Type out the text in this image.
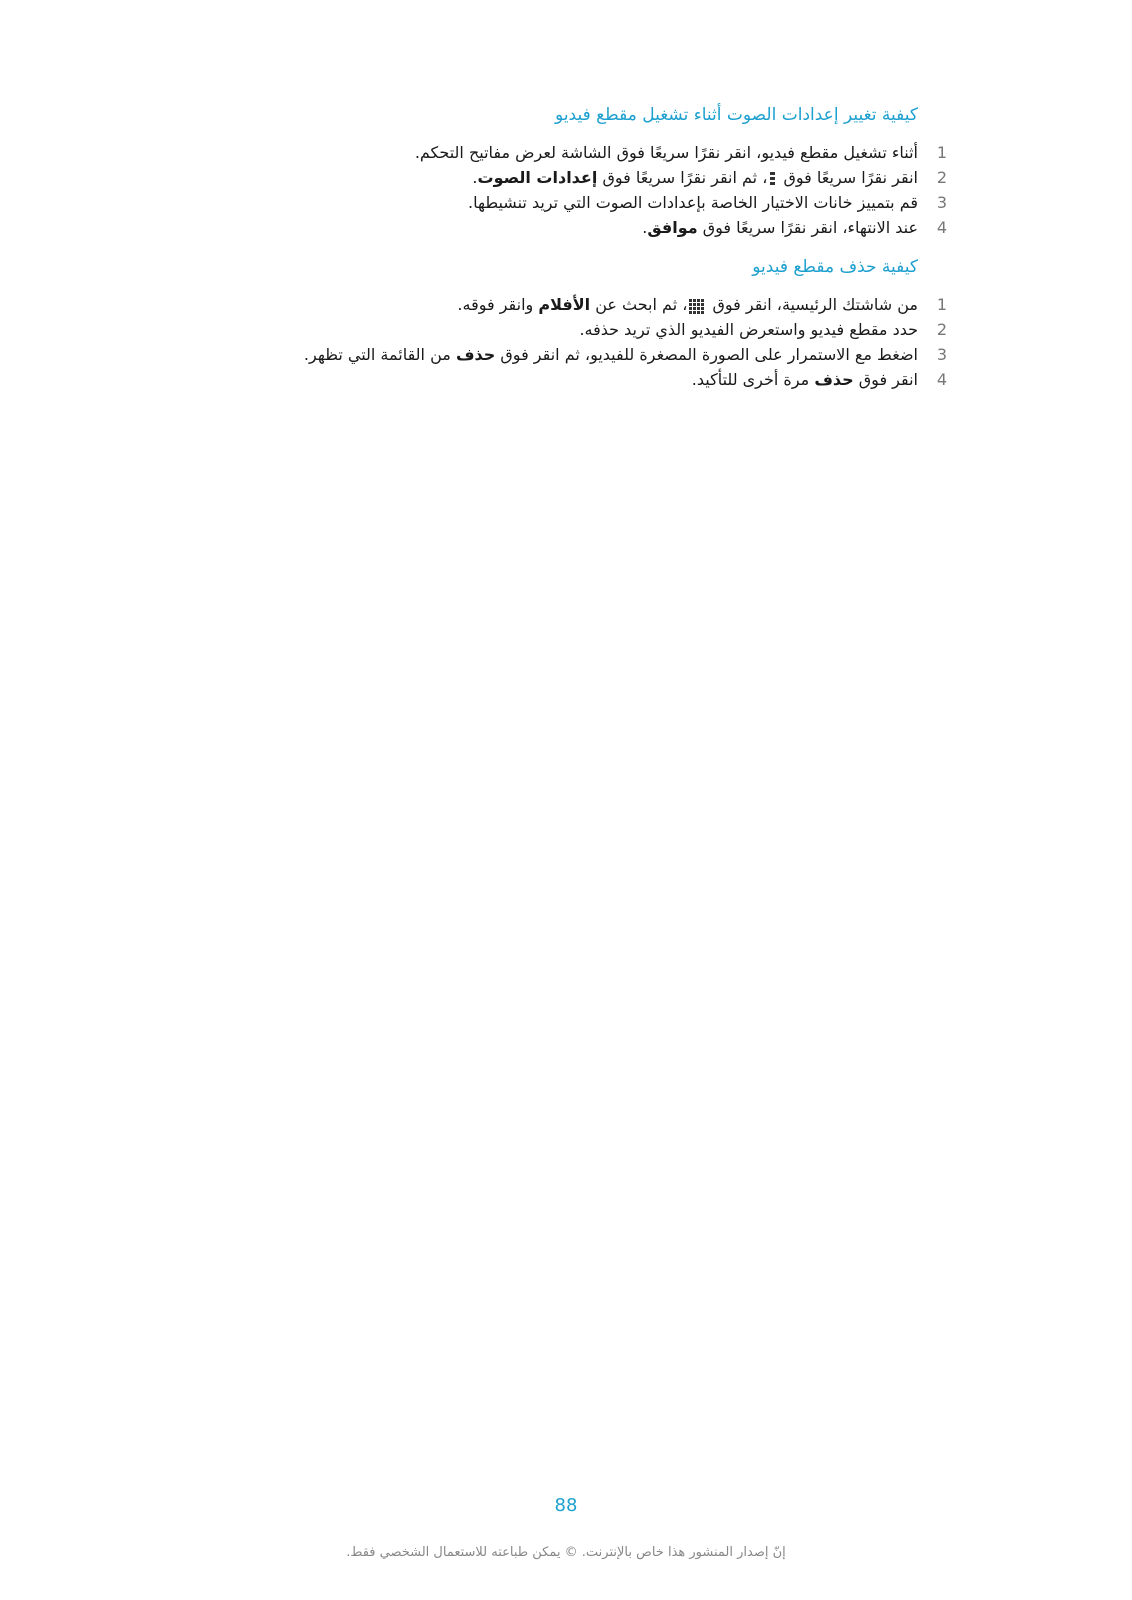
كيفية تغيير إعدادات الصوت أثناء تشغيل مقطع فيديو
1
أثناء تشغيل مقطع فيديو، انقر نقرًا سريعًا فوق الشاشة لعرض مفاتيح التحكم.
2
انقر نقرًا سريعًا فوق
، ثم انقر نقرًا سريعًا فوق إعدادات الصوت.
3
قم بتمييز خانات الاختيار الخاصة بإعدادات الصوت التي تريد تنشيطها.
4
عند الانتهاء، انقر نقرًا سريعًا فوق موافق.
كيفية حذف مقطع فيديو
1
من شاشتك الرئيسية، انقر فوق
، ثم ابحث عن الأفلام وانقر فوقه.
2
حدد مقطع فيديو واستعرض الفيديو الذي تريد حذفه.
3
اضغط مع الاستمرار على الصورة المصغرة للفيديو، ثم انقر فوق حذف من القائمة التي تظهر.
4
انقر فوق حذف مرة أخرى للتأكيد.
88
إنّ إصدار المنشور هذا خاص بالإنترنت. © يمكن طباعته للاستعمال الشخصي فقط.
